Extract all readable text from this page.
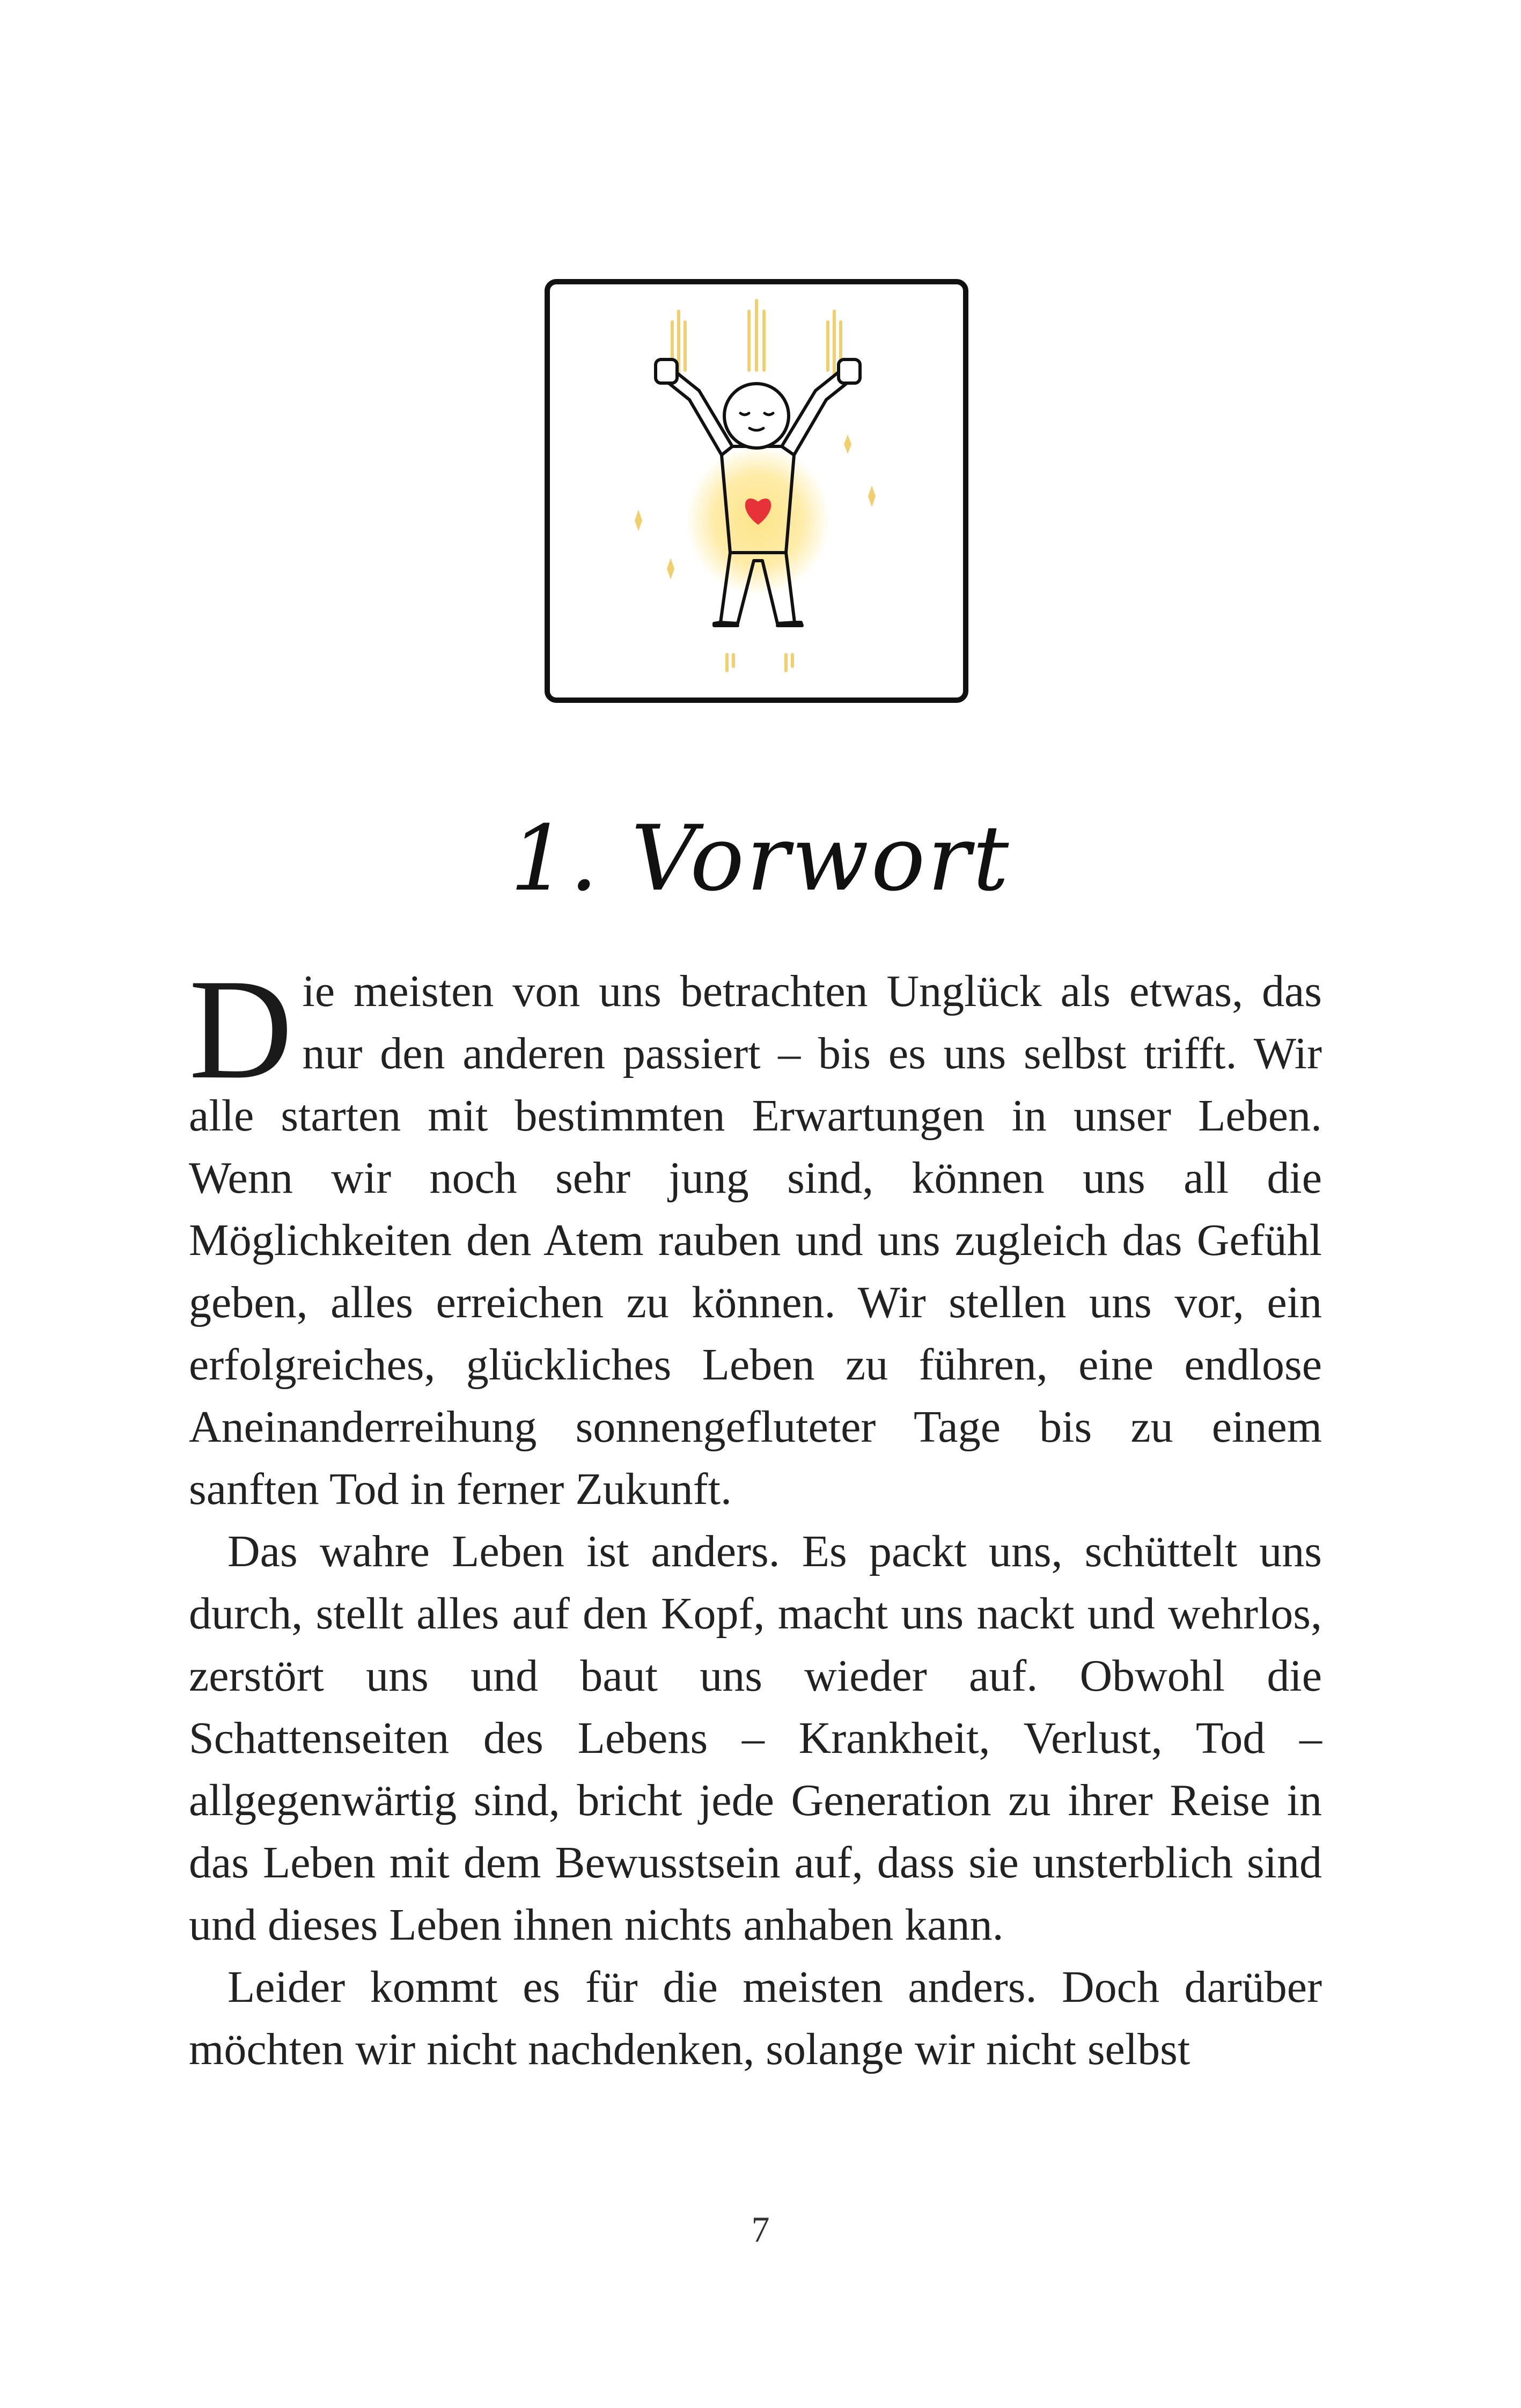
1. Vorwort

Die meisten von uns betrachten Unglück als etwas, das nur den anderen passiert – bis es uns selbst trifft. Wir alle starten mit bestimmten Erwartungen in unser Leben. Wenn wir noch sehr jung sind, können uns all die Möglichkeiten den Atem rauben und uns zugleich das Gefühl geben, alles erreichen zu können. Wir stellen uns vor, ein erfolgreiches, glückliches Leben zu führen, eine endlose Aneinanderreihung sonnengefluteter Tage bis zu einem sanften Tod in ferner Zukunft.

Das wahre Leben ist anders. Es packt uns, schüttelt uns durch, stellt alles auf den Kopf, macht uns nackt und wehrlos, zerstört uns und baut uns wieder auf. Obwohl die Schattenseiten des Lebens – Krankheit, Verlust, Tod – allgegenwärtig sind, bricht jede Generation zu ihrer Reise in das Leben mit dem Bewusstsein auf, dass sie unsterblich sind und dieses Leben ihnen nichts anhaben kann.

Leider kommt es für die meisten anders. Doch darüber möchten wir nicht nachdenken, solange wir nicht selbst

7
